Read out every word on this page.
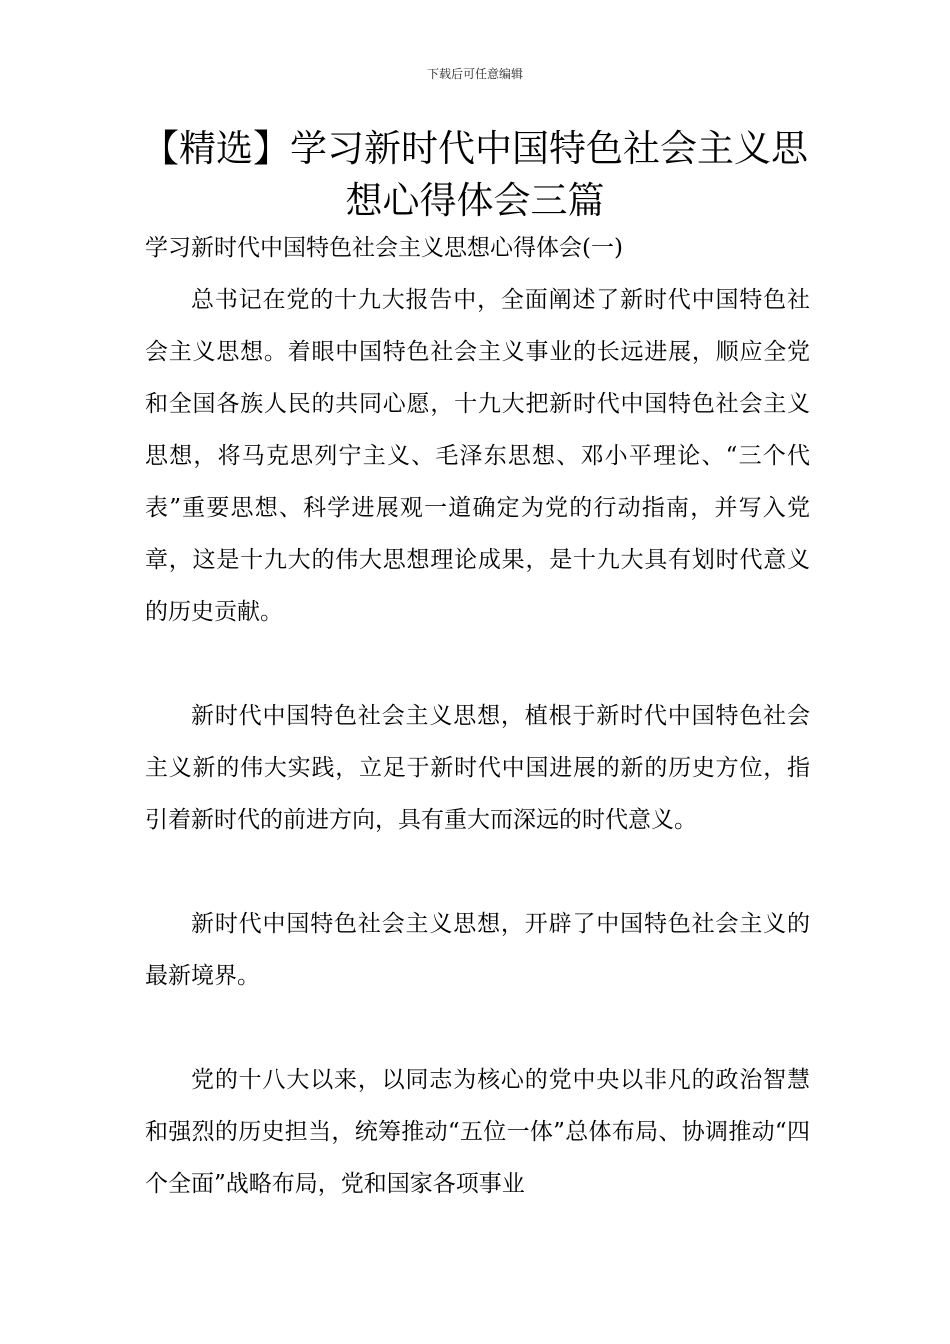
下载后可任意编辑
【精选】学习新时代中国特色社会主义思想心得体会三篇

学习新时代中国特色社会主义思想心得体会(一)

总书记在党的十九大报告中，全面阐述了新时代中国特色社会主义思想。着眼中国特色社会主义事业的长远进展，顺应全党和全国各族人民的共同心愿，十九大把新时代中国特色社会主义思想，将马克思列宁主义、毛泽东思想、邓小平理论、“三个代表”重要思想、科学进展观一道确定为党的行动指南，并写入党章，这是十九大的伟大思想理论成果，是十九大具有划时代意义的历史贡献。

新时代中国特色社会主义思想，植根于新时代中国特色社会主义新的伟大实践，立足于新时代中国进展的新的历史方位，指引着新时代的前进方向，具有重大而深远的时代意义。

新时代中国特色社会主义思想，开辟了中国特色社会主义的最新境界。

党的十八大以来，以同志为核心的党中央以非凡的政治智慧和强烈的历史担当，统筹推动“五位一体”总体布局、协调推动“四个全面”战略布局，党和国家各项事业
